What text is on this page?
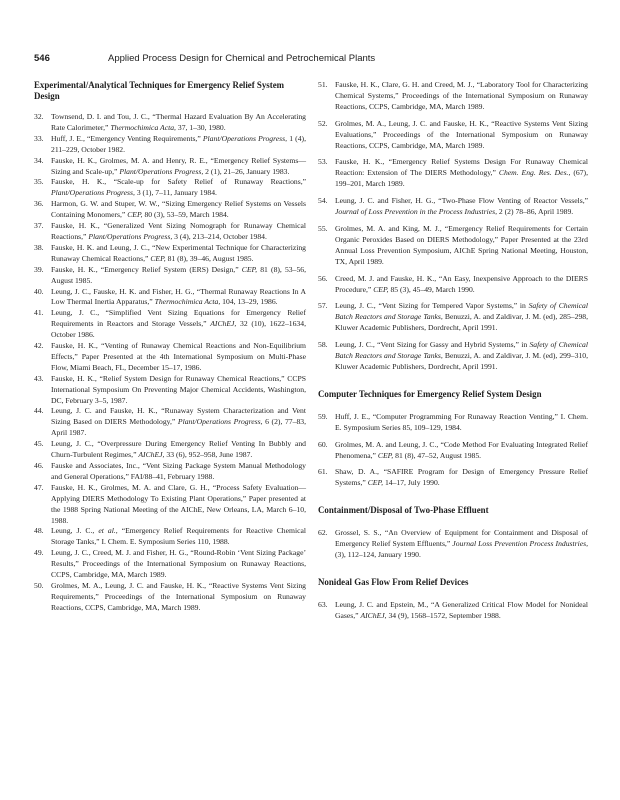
546	Applied Process Design for Chemical and Petrochemical Plants
Experimental/Analytical Techniques for Emergency Relief System Design

32. Townsend, D. I. and Tou, J. C., “Thermal Hazard Evaluation By An Accelerating Rate Calorimeter,” Thermochimica Acta, 37, 1–30, 1980.

33. Huff, J. E., “Emergency Venting Requirements,” Plant/Operations Progress, 1 (4), 211–229, October 1982.

34. Fauske, H. K., Grolmes, M. A. and Henry, R. E., “Emergency Relief Systems—Sizing and Scale-up,” Plant/Operations Progress, 2 (1), 21–26, January 1983.

35. Fauske, H. K., “Scale-up for Safety Relief of Runaway Reactions,” Plant/Operations Progress, 3 (1), 7–11, January 1984.

36. Harmon, G. W. and Stuper, W. W., “Sizing Emergency Relief Systems on Vessels Containing Monomers,” CEP, 80 (3), 53–59, March 1984.

37. Fauske, H. K., “Generalized Vent Sizing Nomograph for Runaway Chemical Reactions,” Plant/Operations Progress, 3 (4), 213–214, October 1984.

38. Fauske, H. K. and Leung, J. C., “New Experimental Technique for Characterizing Runaway Chemical Reactions,” CEP, 81 (8), 39–46, August 1985.

39. Fauske, H. K., “Emergency Relief System (ERS) Design,” CEP, 81 (8), 53–56, August 1985.

40. Leung, J. C., Fauske, H. K. and Fisher, H. G., “Thermal Runaway Reactions In A Low Thermal Inertia Apparatus,” Thermochimica Acta, 104, 13–29, 1986.

41. Leung, J. C., “Simplified Vent Sizing Equations for Emergency Relief Requirements in Reactors and Storage Vessels,” AIChEJ, 32 (10), 1622–1634, October 1986.

42. Fauske, H. K., “Venting of Runaway Chemical Reactions and Non-Equilibrium Effects,” Paper Presented at the 4th International Symposium on Multi-Phase Flow, Miami Beach, FL, December 15–17, 1986.

43. Fauske, H. K., “Relief System Design for Runaway Chemical Reactions,” CCPS International Symposium On Preventing Major Chemical Accidents, Washington, DC, February 3–5, 1987.

44. Leung, J. C. and Fauske, H. K., “Runaway System Characterization and Vent Sizing Based on DIERS Methodology,” Plant/Operations Progress, 6 (2), 77–83, April 1987.

45. Leung, J. C., “Overpressure During Emergency Relief Venting In Bubbly and Churn-Turbulent Regimes,” AIChEJ, 33 (6), 952–958, June 1987.

46. Fauske and Associates, Inc., “Vent Sizing Package System Manual Methodology and General Operations,” FAI/88–41, February 1988.

47. Fauske, H. K., Grolmes, M. A. and Clare, G. H., “Process Safety Evaluation—Applying DIERS Methodology To Existing Plant Operations,” Paper presented at the 1988 Spring National Meeting of the AIChE, New Orleans, LA, March 6–10, 1988.

48. Leung, J. C., et al., “Emergency Relief Requirements for Reactive Chemical Storage Tanks,” I. Chem. E. Symposium Series 110, 1988.

49. Leung, J. C., Creed, M. J. and Fisher, H. G., “Round-Robin ‘Vent Sizing Package’ Results,” Proceedings of the International Symposium on Runaway Reactions, CCPS, Cambridge, MA, March 1989.

50. Grolmes, M. A., Leung, J. C. and Fauske, H. K., “Reactive Systems Vent Sizing Requirements,” Proceedings of the International Symposium on Runaway Reactions, CCPS, Cambridge, MA, March 1989.

51. Fauske, H. K., Clare, G. H. and Creed, M. J., “Laboratory Tool for Characterizing Chemical Systems,” Proceedings of the International Symposium on Runaway Reactions, CCPS, Cambridge, MA, March 1989.

52. Grolmes, M. A., Leung, J. C. and Fauske, H. K., “Reactive Systems Vent Sizing Evaluations,” Proceedings of the International Symposium on Runaway Reactions, CCPS, Cambridge, MA, March 1989.

53. Fauske, H. K., “Emergency Relief Systems Design For Runaway Chemical Reaction: Extension of The DIERS Methodology,” Chem. Eng. Res. Des., (67), 199–201, March 1989.

54. Leung, J. C. and Fisher, H. G., “Two-Phase Flow Venting of Reactor Vessels,” Journal of Loss Prevention in the Process Industries, 2 (2) 78–86, April 1989.

55. Grolmes, M. A. and King, M. J., “Emergency Relief Requirements for Certain Organic Peroxides Based on DIERS Methodology,” Paper Presented at the 23rd Annual Loss Prevention Symposium, AIChE Spring National Meeting, Houston, TX, April 1989.

56. Creed, M. J. and Fauske, H. K., “An Easy, Inexpensive Approach to the DIERS Procedure,” CEP, 85 (3), 45–49, March 1990.

57. Leung, J. C., “Vent Sizing for Tempered Vapor Systems,” in Safety of Chemical Batch Reactors and Storage Tanks, Benuzzi, A. and Zaldivar, J. M. (ed), 285–298, Kluwer Academic Publishers, Dordrecht, April 1991.

58. Leung, J. C., “Vent Sizing for Gassy and Hybrid Systems,” in Safety of Chemical Batch Reactors and Storage Tanks, Benuzzi, A. and Zaldivar, J. M. (ed), 299–310, Kluwer Academic Publishers, Dordrecht, April 1991.

Computer Techniques for Emergency Relief System Design

59. Huff, J. E., “Computer Programming For Runaway Reaction Venting,” I. Chem. E. Symposium Series 85, 109–129, 1984.

60. Grolmes, M. A. and Leung, J. C., “Code Method For Evaluating Integrated Relief Phenomena,” CEP, 81 (8), 47–52, August 1985.

61. Shaw, D. A., “SAFIRE Program for Design of Emergency Pressure Relief Systems,” CEP, 14–17, July 1990.

Containment/Disposal of Two-Phase Effluent

62. Grossel, S. S., “An Overview of Equipment for Containment and Disposal of Emergency Relief System Effluents,” Journal Loss Prevention Process Industries, (3), 112–124, January 1990.

Nonideal Gas Flow From Relief Devices

63. Leung, J. C. and Epstein, M., “A Generalized Critical Flow Model for Nonideal Gases,” AIChEJ, 34 (9), 1568–1572, September 1988.
